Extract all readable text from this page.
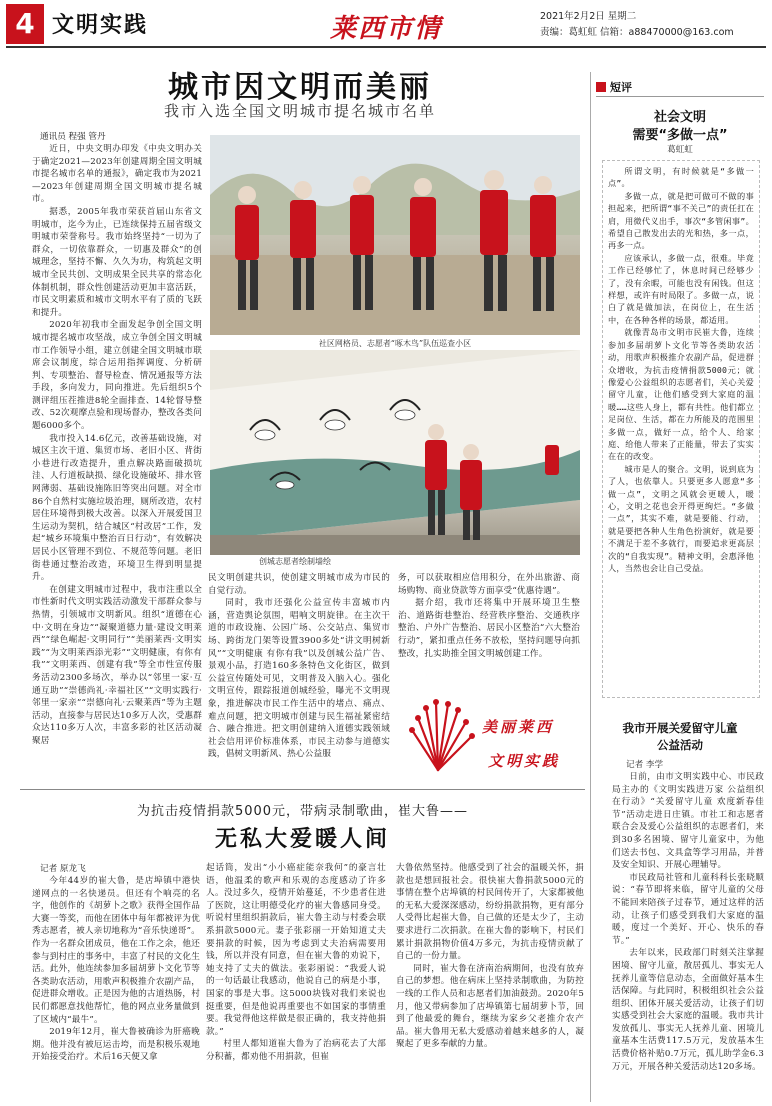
4 文明实践	莱西市情	2021年2月2日 星期二
责编：葛虹虹 信箱：a88470000@163.com
城市因文明而美丽
我市入选全国文明城市提名城市名单
通讯员 程强 管丹

近日，中央文明办印发《中央文明办关于确定2021—2023年创建周期全国文明城市提名城市名单的通报》，确定我市为2021—2023年创建周期全国文明城市提名城市。

据悉，2005年我市荣获首届山东省文明城市，迄今为止，已连续保持五届省级文明城市荣誉称号。我市始终坚持“一切为了群众，一切依靠群众，一切惠及群众”的创城理念，坚持不懈、久久为功，构筑起文明城市全民共创、文明成果全民共享的常态化体制机制，群众性创建活动更加丰富活跃，市民文明素质和城市文明水平有了质的飞跃和提升。

2020年初我市全面发起争创全国文明城市提名城市攻坚战，成立争创全国文明城市工作领导小组，建立创建全国文明城市联席会议制度，综合运用指挥调度、分析研判、专项整治、督导检查、情况通报等方法手段，多向发力，同向推进。先后组织5个测评组压茬推进8轮全面排查、14轮督导整改、52次观摩点验和现场督办，整改各类问题6000多个。

我市投入14.6亿元，改善基础设施，对城区主次干道、集贸市场、老旧小区、背街小巷进行改造提升，重点解决路面破损坑洼、人行道板缺损、绿化设施破坏、排水管网薄弱、基础设施陈旧等突出问题。对全市86个自然村实施垃圾治理，厕所改造，农村居住环境得到极大改善。以深入开展爱国卫生运动为契机，结合城区“村改居”工作，发起“城乡环境集中整治百日行动”，有效解决居民小区管理不到位、不规范等问题。老旧街巷通过整治改造，环境卫生得到明显提升。

在创建文明城市过程中，我市注重以全市性新时代文明实践活动激发干部群众参与热情，引领城市文明新风。组织“道德在心中·文明在身边”“凝聚道德力量·建设文明莱西”“绿色崛起·文明同行”“美丽莱西·文明实践”“为文明莱西添光彩”“文明健康，有你有我”“文明莱西、创建有我”等全市性宣传服务活动2300多场次，举办以“邻里一家·互通互助”“崇德尚礼·幸福社区”“文明实践行·邻里一家亲”“崇德向礼·云聚莱西”等为主题活动，直接参与居民达10多万人次，受惠群众达110多万人次，丰富多彩的社区活动凝聚居

社区网格员、志愿者“啄木鸟”队伍巡查小区
创城志愿者绘制墙绘

民文明创建共识，使创建文明城市成为市民的自觉行动。

同时，我市还强化公益宣传丰富城市内涵，营造舆论氛围，唱响文明旋律。在主次干道的市政设施、公园广场、公交站点、集贸市场、跨街龙门架等设置3900多处“讲文明树新风”“文明健康 有你有我”以及创城公益广告、景观小品，打造160多条特色文化街区，做到公益宣传随处可见，文明普及入脑入心。强化文明宣传，跟踪报道创城经验，曝光不文明现象，推进解决市民工作生活中的堵点、痛点、难点问题，把文明城市创建与民生福祉紧密结合、融合推进。把文明创建纳入道德实践领域社会信用评价标准体系，市民主动参与道德实践，倡树文明新风、热心公益服

务，可以获取相应信用积分，在外出旅游、商场购物、商业贷款等方面享受“优惠待遇”。

据介绍，我市还将集中开展环境卫生整治、道路街巷整治、经营秩序整治、交通秩序整治、户外广告整治、居民小区整治“六大整治行动”，紧扣重点任务不放松，坚持问题导向抓整改，扎实助推全国文明城创建工作。

美丽莱西
文明实践
短评
社会文明
需要“多做一点”
葛虹虹

所谓文明，有时候就是“多做一点”。

多做一点，就是把可做可不做的事担起来，把所谓“事不关己”的责任扛在肩，用微代义出手，事次“多管闲事”。希望自己散发出去的光和热，多一点，再多一点。

应该承认，多做一点，很难。毕竟工作已经够忙了，休息时间已经够少了，没有余暇，可能也没有闲钱。但这样想，或许有时局限了。多做一点，说白了就是做加法，在岗位上，在生活中，在各种各样的场景，都适用。

就像青岛市文明市民崔大鲁，连续参加多届胡萝卜文化节等各类助农活动，用歌声积极推介农副产品，促进群众增收，为抗击疫情捐款5000元；就像爱心公益组织的志愿者们，关心关爱留守儿童，让他们感受到大家庭的温暖……这些人身上，都有共性。他们都立足岗位、生活，都在力所能及的范围里多做一点，做好一点，给个人、给家庭、给他人带来了正能量，带去了实实在在的改变。

城市是人的聚合。文明，说到底为了人，也依靠人。只要更多人愿意“多做一点”，文明之风就会更暖人，暖心，文明之花也会开得更绚烂。“多做一点”，其实不难，就是要能、行动，就是要把各种人生角色扮演好，就是要不满足于差不多就行，而要追求更高层次的“自我实现”。精神文明，会惠泽他人，当然也会让自己受益。

我市开展关爱留守儿童
公益活动
记者 李学

日前，由市文明实践中心、市民政局主办的《文明实践进万家 公益组织在行动》“关爱留守儿童 欢度新春佳节”活动走进日庄镇。市社工和志愿者联合会及爱心公益组织的志愿者们，来到30多名困境、留守儿童家中，为他们送去书包、文具盒等学习用品，并普及安全知识、开展心理辅导。

市民政局社管和儿童科科长张晓顺说：“春节即将来临，留守儿童的父母不能回来陪孩子过春节，通过这样的活动，让孩子们感受到我们大家庭的温暖，度过一个美好、开心、快乐的春节。”

去年以来，民政部门时刻关注掌握困境、留守儿童，散居孤儿、事实无人抚养儿童等信息动态，全面做好基本生活保障。与此同时，积极组织社会公益组织、团体开展关爱活动，让孩子们切实感受到社会大家庭的温暖。我市共计发放孤儿、事实无人抚养儿童、困境儿童基本生活费117.5万元，发放基本生活费价格补贴0.7万元，孤儿助学金6.3万元，开展各种关爱活动达120多场。

为抗击疫情捐款5000元，带病录制歌曲，崔大鲁——
无私大爱暖人间
记者 原龙飞

今年44岁的崔大鲁，是店埠镇中港快递网点的一名快递员。但还有个响亮的名字，他创作的《胡萝卜之歌》获得全国作品大赛一等奖，而他在团体中每年都被评为优秀志愿者，被人亲切地称为“音乐快递哥”。作为一名群众团成员，他在工作之余，他还参与到村庄的事务中，丰富了村民的文化生活。此外，他连续参加多届胡萝卜文化节等各类助农活动，用歌声积极推介农副产品，促进群众增收。正是因为他的古道热肠，村民们都愿意找他帮忙，他的网点业务量做到了区域内“最牛”。

2019年12月，崔大鲁被确诊为肝癌晚期。他并没有被厄运击垮，而是积极乐观地开始接受治疗。术后16天便又拿

起话筒，发出“小小癌症能奈我何”的豪言壮语，他温柔的歌声和乐观的态度感动了许多人。没过多久，疫情开始蔓延，不少患者住进了医院，这让明德受化疗的崔大鲁感同身受。听说村里组织捐款后，崔大鲁主动与村委会联系捐款5000元。妻子张彩丽一开始知道丈夫要捐款的时候，因为考虑到丈夫治病需要用钱，所以并没有同意，但在崔大鲁的劝说下，她支持了丈夫的做法。张彩丽说：“我爱人说的一句话最让我感动，他说自己的病是小事，国家的事是大事。这5000块钱对我们来说也挺重要，但是他说再重要也不如国家的事情重要。我觉得他这样做是很正确的，我支持他捐款。”

村里人都知道崔大鲁为了治病花去了大部分积蓄，都劝他不用捐款，但崔

大鲁依然坚持。他感受到了社会的温暖关怀，捐款也是想回报社会。很快崔大鲁捐款5000元的事情在整个店埠镇的村民间传开了，大家都被他的无私大爱深深感动，纷纷捐款捐物，更有部分人受得比起崔大鲁，自己做的还是太少了，主动要求进行二次捐款。在崔大鲁的影响下，村民们累计捐款捐物价值4万多元，为抗击疫情贡献了自己的一份力量。

同时，崔大鲁在济南治病期间，也没有放弃自己的梦想。他在病床上坚持录制歌曲，为防控一线的工作人员和志愿者们加油鼓劲。2020年5月，他又带病参加了店埠镇第七届胡萝卜节，回到了他最爱的舞台，继续为家乡父老推介农产品。崔大鲁用无私大爱感动着越来越多的人，凝聚起了更多奉献的力量。
